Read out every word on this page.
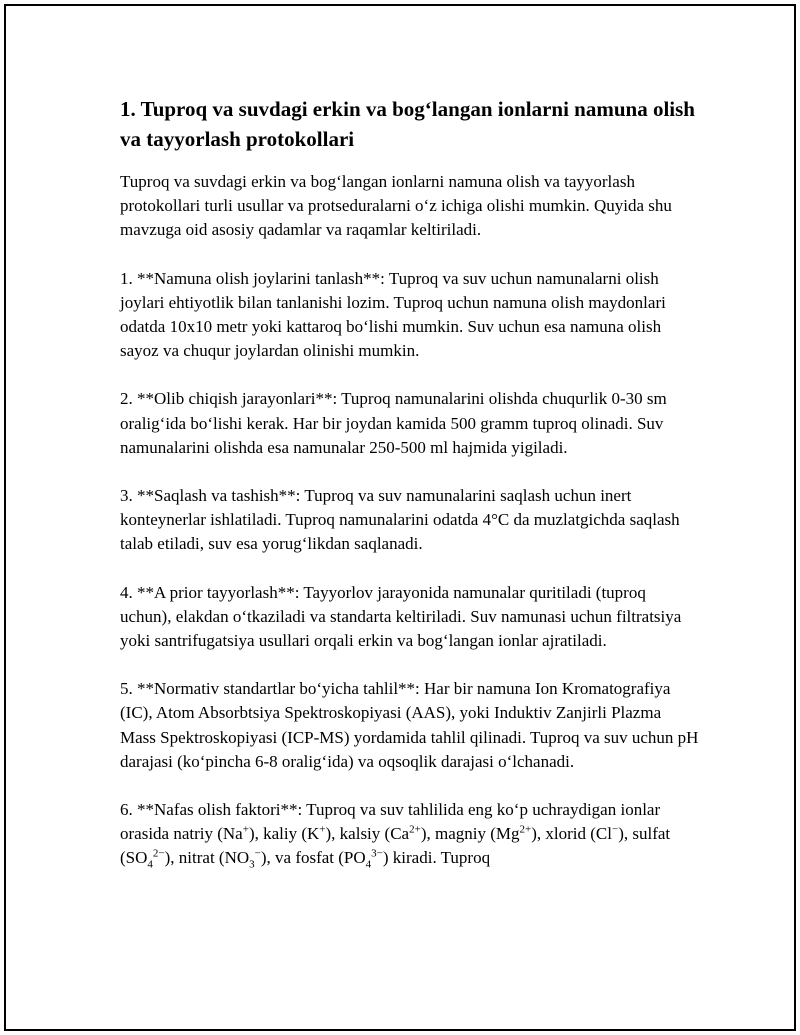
1. Tuproq va suvdagi erkin va bog‘langan ionlarni namuna olish va tayyorlash protokollari

Tuproq va suvdagi erkin va bog‘langan ionlarni namuna olish va tayyorlash protokollari turli usullar va protseduralarni o‘z ichiga olishi mumkin. Quyida shu mavzuga oid asosiy qadamlar va raqamlar keltiriladi.

1. **Namuna olish joylarini tanlash**: Tuproq va suv uchun namunalarni olish joylari ehtiyotlik bilan tanlanishi lozim. Tuproq uchun namuna olish maydonlari odatda 10x10 metr yoki kattaroq bo‘lishi mumkin. Suv uchun esa namuna olish sayoz va chuqur joylardan olinishi mumkin.

2. **Olib chiqish jarayonlari**: Tuproq namunalarini olishda chuqurlik 0-30 sm oralig‘ida bo‘lishi kerak. Har bir joydan kamida 500 gramm tuproq olinadi. Suv namunalarini olishda esa namunalar 250-500 ml hajmida yigiladi.

3. **Saqlash va tashish**: Tuproq va suv namunalarini saqlash uchun inert konteynerlar ishlatiladi. Tuproq namunalarini odatda 4°C da muzlatgichda saqlash talab etiladi, suv esa yorug‘likdan saqlanadi.

4. **A prior tayyorlash**: Tayyorlov jarayonida namunalar quritiladi (tuproq uchun), elakdan o‘tkaziladi va standarta keltiriladi. Suv namunasi uchun filtratsiya yoki santrifugatsiya usullari orqali erkin va bog‘langan ionlar ajratiladi.

5. **Normativ standartlar bo‘yicha tahlil**: Har bir namuna Ion Kromatografiya (IC), Atom Absorbtsiya Spektroskopiyasi (AAS), yoki Induktiv Zanjirli Plazma Mass Spektroskopiyasi (ICP-MS) yordamida tahlil qilinadi. Tuproq va suv uchun pH darajasi (ko‘pincha 6-8 oralig‘ida) va oqsoqlik darajasi o‘lchanadi.

6. **Nafas olish faktori**: Tuproq va suv tahlilida eng ko‘p uchraydigan ionlar orasida natriy (Na+), kaliy (K+), kalsiy $(Ca^{2+})$, magniy $(Mg^{2+})$, xlorid (Cl−), sulfat $(SO_4^{2-})$, nitrat $(NO_3^-)$, va fosfat $(PO_4^{3-})$ kiradi. Tuproq
